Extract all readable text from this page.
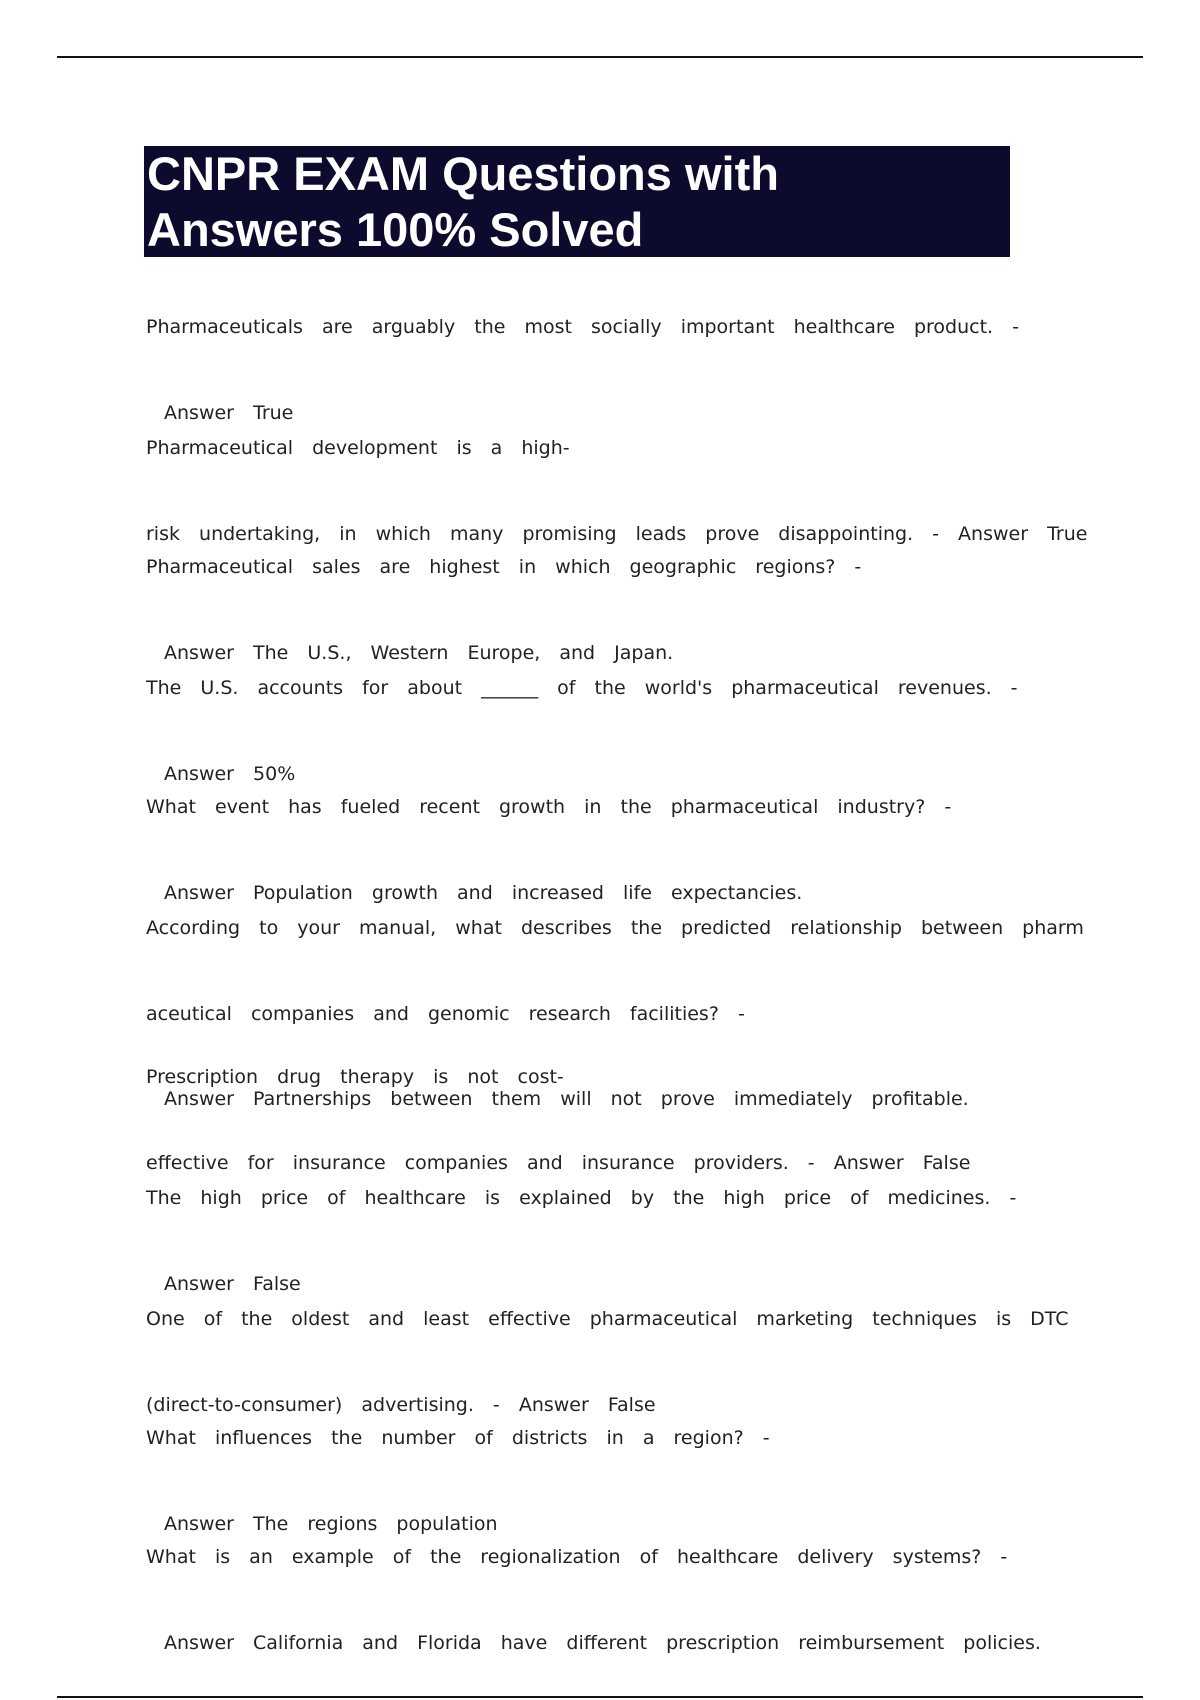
CNPR EXAM Questions with
Answers 100% Solved

Pharmaceuticals are arguably the most socially important healthcare product. -

Answer True

Pharmaceutical development is a high-

risk undertaking, in which many promising leads prove disappointing. - Answer True

Pharmaceutical sales are highest in which geographic regions? -

Answer The U.S., Western Europe, and Japan.

The U.S. accounts for about ______ of the world's pharmaceutical revenues. -

Answer 50%

What event has fueled recent growth in the pharmaceutical industry? -

Answer Population growth and increased life expectancies.

According to your manual, what describes the predicted relationship between pharm

aceutical companies and genomic research facilities? -

Answer Partnerships between them will not prove immediately profitable.

Prescription drug therapy is not cost-

effective for insurance companies and insurance providers. - Answer False

The high price of healthcare is explained by the high price of medicines. -

Answer False

One of the oldest and least effective pharmaceutical marketing techniques is DTC

(direct-to-consumer) advertising. - Answer False

What influences the number of districts in a region? -

Answer The regions population

What is an example of the regionalization of healthcare delivery systems? -

Answer California and Florida have different prescription reimbursement policies.
